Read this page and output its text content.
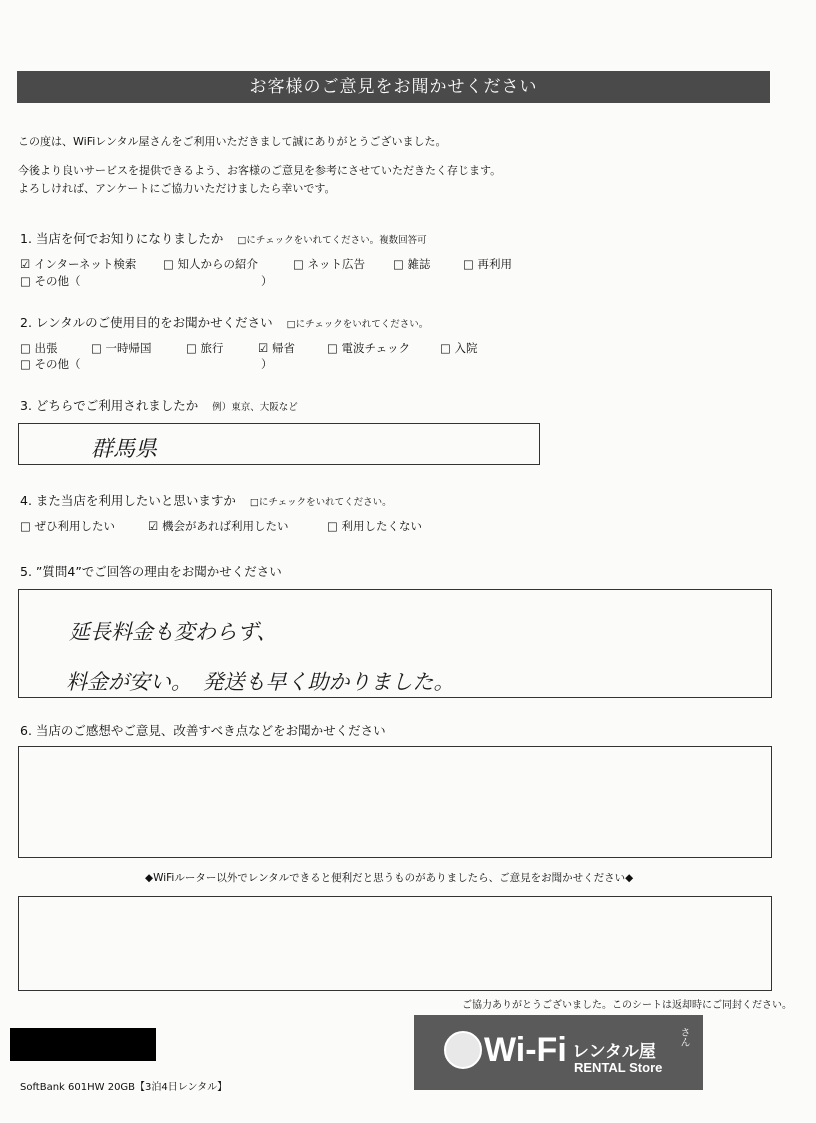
お客様のご意見をお聞かせください
この度は、WiFiレンタル屋さんをご利用いただきまして誠にありがとうございました。
今後より良いサービスを提供できるよう、お客様のご意見を参考にさせていただきたく存じます。
よろしければ、アンケートにご協力いただけましたら幸いです。
1. 当店を何でお知りになりましたか □にチェックをいれてください。複数回答可
☑ インターネット検索 □ 知人からの紹介	□ ネット広告 □ 雑誌	□ 再利用
□ その他（	）
2. レンタルのご使用目的をお聞かせください □にチェックをいれてください。
□ 出張	□ 一時帰国	□ 旅行	☑ 帰省	□ 電波チェック	□ 入院
□ その他（	）
3. どちらでご利用されましたか 例）東京、大阪など
群馬県
4. また当店を利用したいと思いますか □にチェックをいれてください。
□ ぜひ利用したい	☑ 機会があれば利用したい	□ 利用したくない
5. ”質問4”でご回答の理由をお聞かせください
延長料金も変わらず、
料金が安い。　発送も早く助かりました。
6. 当店のご感想やご意見、改善すべき点などをお聞かせください
◆WiFiルーター以外でレンタルできると便利だと思うものがありましたら、ご意見をお聞かせください◆
ご協力ありがとうございました。このシートは返却時にご同封ください。
SoftBank 601HW 20GB【3泊4日レンタル】
Wi-Fi レンタル屋
さん
RENTAL Store
